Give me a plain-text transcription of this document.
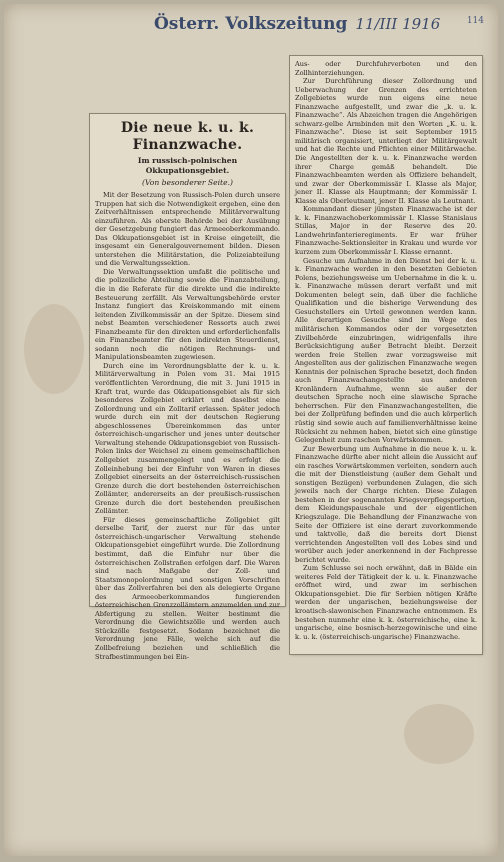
Österr. Volkszeitung 11/III 1916	114
Die neue k. u. k. Finanzwache.
Im russisch-polnischen Okkupationsgebiet.
(Von besonderer Seite.)

Mit der Besetzung von Russisch-Polen durch unsere Truppen hat sich die Notwendigkeit ergeben, eine den Zeitverhältnissen entsprechende Militärverwaltung einzuführen. Als oberste Behörde bei der Ausübung der Gesetzgebung fungiert das Armeeoberkommando. Das Okkupationsgebiet ist in Kreise eingeteilt, die insgesamt ein Generalgouvernement bilden. Diesen unterstehen die Militärstation, die Polizeiabteilung und die Verwaltungssektion.

Die Verwaltungssektion umfaßt die politische und die polizeiliche Abteilung sowie die Finanzabteilung, die in die Referate für die direkte und die indirekte Besteuerung zerfällt. Als Verwaltungsbehörde erster Instanz fungiert das Kreiskommando mit einem leitenden Zivilkommissär an der Spitze. Diesem sind nebst Beamten verschiedener Ressorts auch zwei Finanzbeamte für den direkten und erforderlichenfalls ein Finanzbeamter für den indirekten Steuerdienst, sodann noch die nötigen Rechnungs- und Manipulationsbeamten zugewiesen.

Durch eine im Verordnungsblatte der k. u. k. Militärverwaltung in Polen vom 31. Mai 1915 veröffentlichten Verordnung, die mit 3. Juni 1915 in Kraft trat, wurde das Okkupationsgebiet als für sich besonderes Zollgebiet erklärt und daselbst eine Zollordnung und ein Zolltarif erlassen. Später jedoch wurde durch ein mit der deutschen Regierung abgeschlossenes Übereinkommen das unter österreichisch-ungarischer und jenes unter deutscher Verwaltung stehende Okkupationsgebiet von Russisch-Polen links der Weichsel zu einem gemeinschaftlichen Zollgebiet zusammengelegt und es erfolgt die Zolleinhebung bei der Einfuhr von Waren in dieses Zollgebiet einerseits an der österreichisch-russischen Grenze durch die dort bestehenden österreichischen Zollämter, andererseits an der preußisch-russischen Grenze durch die dort bestehenden preußischen Zollämter.

Für dieses gemeinschaftliche Zollgebiet gilt derselbe Tarif, der zuerst nur für das unter österreichisch-ungarischer Verwaltung stehende Okkupationsgebiet eingeführt wurde. Die Zollordnung bestimmt, daß die Einfuhr nur über die österreichischen Zollstraßen erfolgen darf. Die Waren sind nach Maßgabe der Zoll- und Staatsmonopolordnung und sonstigen Vorschriften über das Zollverfahren bei den als delegierte Organe des Armeeoberkommandos fungierenden österreichischen Grenzzollämtern anzumelden und zur Abfertigung zu stellen. Weiter bestimmt die Verordnung die Gewichtszölle und werden auch Stückzölle festgesetzt. Sodann bezeichnet die Verordnung jene Fälle, welche sich auf die Zollbefreiung beziehen und schließlich die Strafbestimmungen bei Ein-

Aus- oder Durchfuhrverboten und den Zollhinterziehungen.

Zur Durchführung dieser Zollordnung und Ueberwachung der Grenzen des errichteten Zollgebietes wurde nun eigens eine neue Finanzwache aufgestellt, und zwar die „k. u. k. Finanzwache“. Als Abzeichen tragen die Angehörigen schwarz-gelbe Armbinden mit den Worten „K. u. k. Finanzwache“. Diese ist seit September 1915 militärisch organisiert, unterliegt der Militärgewalt und hat die Rechte und Pflichten einer Militärwache. Die Angestellten der k. u. k. Finanzwache werden ihrer Charge gemäß behandelt. Die Finanzwachbeamten werden als Offiziere behandelt, und zwar der Oberkommissär I. Klasse als Major, jener II. Klasse als Hauptmann; der Kommissär I. Klasse als Oberleutnant, jener II. Klasse als Leutnant.

Kommandant dieser jüngsten Finanzwache ist der k. k. Finanzwachoberkommissär I. Klasse Stanislaus Stillas, Major in der Reserve des 20. Landwehrinfanterieregiments. Er war früher Finanzwache-Sektionsleiter in Krakau und wurde vor kurzem zum Oberkommissär I. Klasse ernannt.

Gesuche um Aufnahme in den Dienst bei der k. u. k. Finanzwache werden in den besetzten Gebieten Polens, beziehungsweise um Uebernahme in die k. u. k. Finanzwache müssen derart verfaßt und mit Dokumenten belegt sein, daß über die fachliche Qualifikation und die bisherige Verwendung des Gesuchstellers ein Urteil gewonnen werden kann. Alle derartigen Gesuche sind im Wege des militärischen Kommandos oder der vorgesetzten Zivilbehörde einzubringen, widrigenfalls ihre Berücksichtigung außer Betracht bleibt. Derzeit werden freie Stellen zwar vorzugsweise mit Angestellten aus der galizischen Finanzwache wegen Kenntnis der polnischen Sprache besetzt, doch finden auch Finanzwachangestellte aus anderen Kronländern Aufnahme, wenn sie außer der deutschen Sprache noch eine slawische Sprache beherrschen. Für den Finanzwachangestellten, die bei der Zollprüfung befinden und die auch körperlich rüstig sind sowie auch auf familienverhältnisse keine Rücksicht zu nehmen haben, bietet sich eine günstige Gelegenheit zum raschen Vorwärtskommen.

Zur Bewerbung um Aufnahme in die neue k. u. k. Finanzwache dürfte aber nicht allein die Aussicht auf ein rasches Vorwärtskommen verleiten, sondern auch die mit der Dienstleistung (außer dem Gehalt und sonstigen Bezügen) verbundenen Zulagen, die sich jeweils nach der Charge richten. Diese Zulagen bestehen in der sogenannten Kriegsverpflegsportion, dem Kleidungspauschale und der eigentlichen Kriegszulage. Die Behandlung der Finanzwache von Seite der Offiziere ist eine derart zuvorkommende und taktvolle, daß die bereits dort Dienst verrichtenden Angestellten voll des Lobes sind und worüber auch jeder anerkennend in der Fachpresse berichtet wurde.

Zum Schlusse sei noch erwähnt, daß in Bälde ein weiteres Feld der Tätigkeit der k. u. k. Finanzwache eröffnet wird, und zwar im serbischen Okkupationsgebiet. Die für Serbien nötigen Kräfte werden der ungarischen, beziehungsweise der kroatisch-slawonischen Finanzwache entnommen. Es bestehen nunmehr eine k. k. österreichische, eine k. ungarische, eine bosnisch-herzegowinische und eine k. u. k. (österreichisch-ungarische) Finanzwache.
